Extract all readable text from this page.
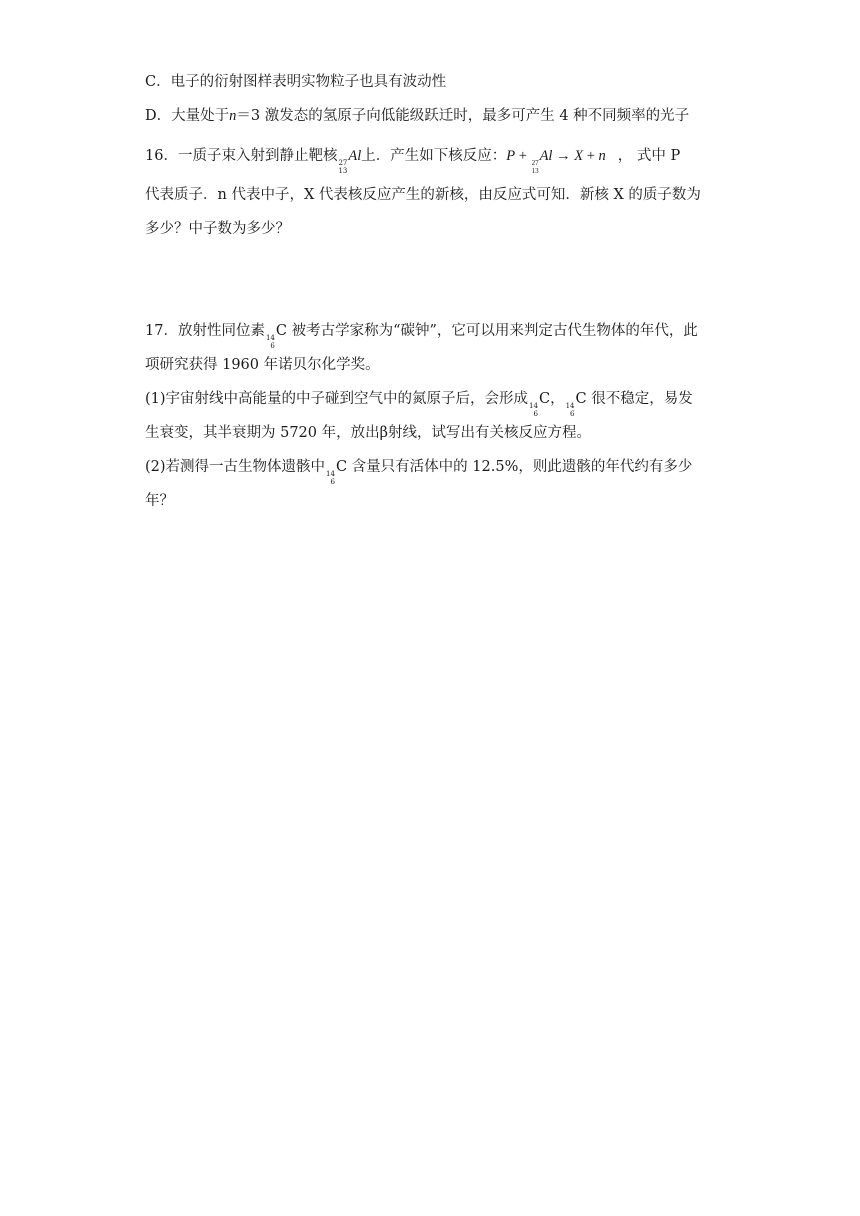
C．电子的衍射图样表明实物粒子也具有波动性
D．大量处于n＝3 激发态的氢原子向低能级跃迁时，最多可产生 4 种不同频率的光子
16．一质子束入射到静止靶核 27
13
Al上．产生如下核反应：P + 27
13
Al → X + n ， 式中 P
代表质子．n 代表中子，X 代表核反应产生的新核，由反应式可知．新核 X 的质子数为
多少？中子数为多少？
17．放射性同位素 14
6
C 被考古学家称为“碳钟”，它可以用来判定古代生物体的年代，此
项研究获得 1960 年诺贝尔化学奖。
(1)宇宙射线中高能量的中子碰到空气中的氮原子后，会形成 14
6
C， 14
6
C 很不稳定，易发
生衰变，其半衰期为 5720 年，放出β射线，试写出有关核反应方程。
(2)若测得一古生物体遗骸中 14
6
C 含量只有活体中的 12.5%，则此遗骸的年代约有多少
年？
